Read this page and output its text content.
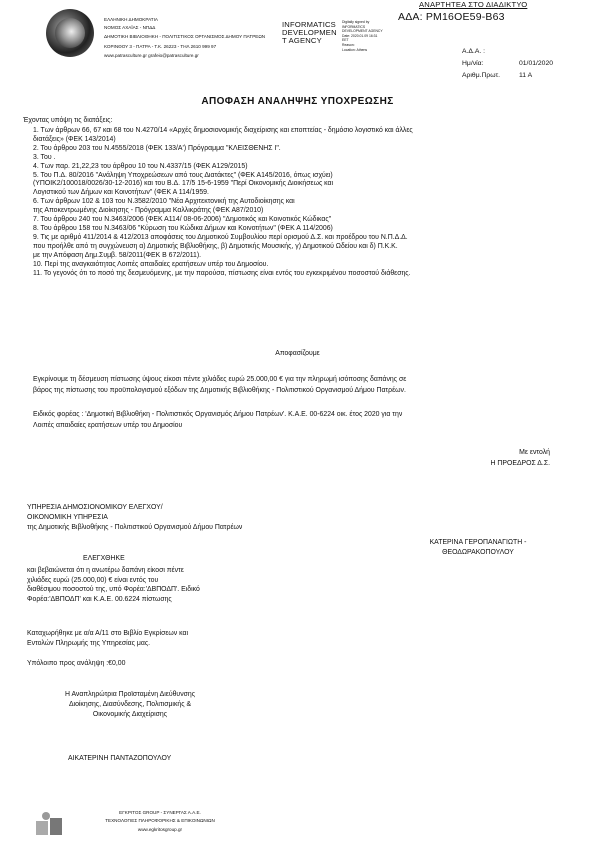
ΑΝΑΡΤΗΤΕΑ ΣΤΟ ΔΙΑΔΙΚΤΥΟ
ΑΔΑ: ΡΜ16ΟΕ59-Β63
ΕΛΛΗΝΙΚΗ ΔΗΜΟΚΡΑΤΙΑ
ΝΟΜΟΣ ΑΧΑΪΑΣ - ΝΠΔΔ
ΔΗΜΟΤΙΚΗ ΒΙΒΛΙΟΘΗΚΗ - ΠΟΛΙΤΙΣΤΙΚΟΣ ΟΡΓΑΝΙΣΜΟΣ ΔΗΜΟΥ ΠΑΤΡΕΩΝ
ΚΟΡΙΝΘΟΥ 3 - ΠΑΤΡΑ - Τ.Κ. 26223 - ΤΗΛ 2610 999 97
www.patrasculture.gr grafeio@patrasculture.gr
INFORMATICS
DEVELOPMEN
T AGENCY
Digitally signed by
INFORMATICS
DEVELOPMENT AGENCY
Date: 2020.01.09 16:31
EET
Reason:
Location: Athens	Α.Δ.Α. :
Ημ/νία:
Αριθμ.Πρωτ.

01/01/2020
11 Α
ΑΠΟΦΑΣΗ ΑΝΑΛΗΨΗΣ ΥΠΟΧΡΕΩΣΗΣ
Έχοντας υπόψη τις διατάξεις:
1. Των άρθρων 66, 67 και 68 του Ν.4270/14 «Αρχές δημοσιονομικής διαχείρισης και εποπτείας - δημόσιο λογιστικό και άλλες
διατάξεις» (ΦΕΚ 143/2014)
2. Του άρθρου 203 του Ν.4555/2018 (ΦΕΚ 133/Α') Πρόγραμμα "ΚΛΕΙΣΘΕΝΗΣ Ι".
3. Του .
4. Των παρ. 21,22,23 του άρθρου 10 του Ν.4337/15 (ΦΕΚ Α129/2015)
5. Του Π.Δ. 80/2016 "Ανάληψη Υποχρεώσεων από τους Διατάκτες" (ΦΕΚ Α145/2016, όπως ισχύει)
(ΥΠΟΙΚ2/100018/0026/30-12-2016) και του Β.Δ. 17/5 15-6-1959 "Περί Οικονομικής Διοικήσεως και
Λογιστικού των Δήμων και Κοινοτήτων" (ΦΕΚ Α 114/1959.
6. Των άρθρων 102 & 103 του Ν.3582/2010 "Νέα Αρχιτεκτονική της Αυτοδιοίκησης και
της Αποκεντρωμένης Διοίκησης - Πρόγραμμα Καλλικράτης (ΦΕΚ Α87/2010)
7. Του άρθρου 240 του Ν.3463/2006 (ΦΕΚ Α114/ 08-06-2006) "Δημοτικός και Κοινοτικός Κώδικας"
8. Του άρθρου 158 του Ν.3463/06 "Κύρωση του Κώδικα Δήμων και Κοινοτήτων" (ΦΕΚ Α 114/2006)
9. Τις με αριθμό 411/2014 & 412/2013 αποφάσεις του Δημοτικού Συμβουλίου περί ορισμού Δ.Σ. και προέδρου του Ν.Π.Δ.Δ.
που προήλθε από τη συγχώνευση α) Δημοτικής Βιβλιοθήκης, β) Δημοτικής Μουσικής, γ) Δημοτικού Ωδείου και δ) Π.Κ.Κ.
με την Απόφαση Δημ.Συμβ. 58/2011(ΦΕΚ Β 672/2011).
10. Περί της αναγκαιότητας Λοιπές απαιδαίες ερατήσεων υπέρ του Δημοσίου.
11. Το γεγονός ότι το ποσό της δεσμευόμενης, με την παρούσα, πίστωσης είναι εντός του εγκεκριμένου ποσοστού διάθεσης.
Αποφασίζουμε
Εγκρίνουμε τη δέσμευση πίστωσης ύψους είκοσι πέντε χιλιάδες ευρώ 25.000,00 € για την πληρωμή ισόποσης δαπάνης σε
βάρος της πίστωσης του προϋπολογισμού εξόδων της Δημοτικής Βιβλιοθήκης - Πολιτιστικού Οργανισμού Δήμου Πατρέων.
Ειδικός φορέας : 'Δημοτική Βιβλιοθήκη - Πολιτιστικός Οργανισμός Δήμου Πατρέων'. Κ.Α.Ε. 00-6224 οικ. έτος 2020 για την
Λοιπές απαιδαίες ερατήσεων υπέρ του Δημοσίου
Με εντολή
Η ΠΡΟΕΔΡΟΣ Δ.Σ.
ΥΠΗΡΕΣΙΑ ΔΗΜΟΣΙΟΝΟΜΙΚΟΥ ΕΛΕΓΧΟΥ/
ΟΙΚΟΝΟΜΙΚΗ ΥΠΗΡΕΣΙΑ
της Δημοτικής Βιβλιοθήκης - Πολιτιστικού Οργανισμού Δήμου Πατρέων
ΚΑΤΕΡΙΝΑ ΓΕΡΟΠΑΝΑΓΙΩΤΗ -
ΘΕΟΔΩΡΑΚΟΠΟΥΛΟΥ
ΕΛΕΓΧΘΗΚΕ
και βεβαιώνεται ότι η ανωτέρω δαπάνη είκοσι πέντε
χιλιάδες ευρώ (25.000,00) € είναι εντός του
διαθέσιμου ποσοστού της, υπό Φορέα:'ΔΒΠΟΔΠ'. Ειδικό
Φορέα:'ΔΒΠΟΔΠ' και Κ.Α.Ε. 00.6224 πίστωσης
Καταχωρήθηκε με α/α Α/11 στο Βιβλίο Εγκρίσεων και
Εντολών Πληρωμής της Υπηρεσίας μας.
Υπόλοιπο προς ανάληψη :€0,00
Η Αναπληρώτρια Προϊσταμένη Διεύθυνσης
Διοίκησης, Διασύνδεσης, Πολιτισμικής &
Οικονομικής Διαχείρισης
ΑΙΚΑΤΕΡΙΝΗ ΠΑΝΤΑΖΟΠΟΥΛΟΥ
ΕΓΚΡΙΤΟΣ GROUP - ΣΥΝΕΡΓΑΣ Α.Α.Ε.
ΤΕΧΝΟΛΟΓΙΕΣ ΠΛΗΡΟΦΟΡΙΚΗΣ & ΕΠΙΚΟΙΝΩΝΙΩΝ
www.egkritosgroup.gr
